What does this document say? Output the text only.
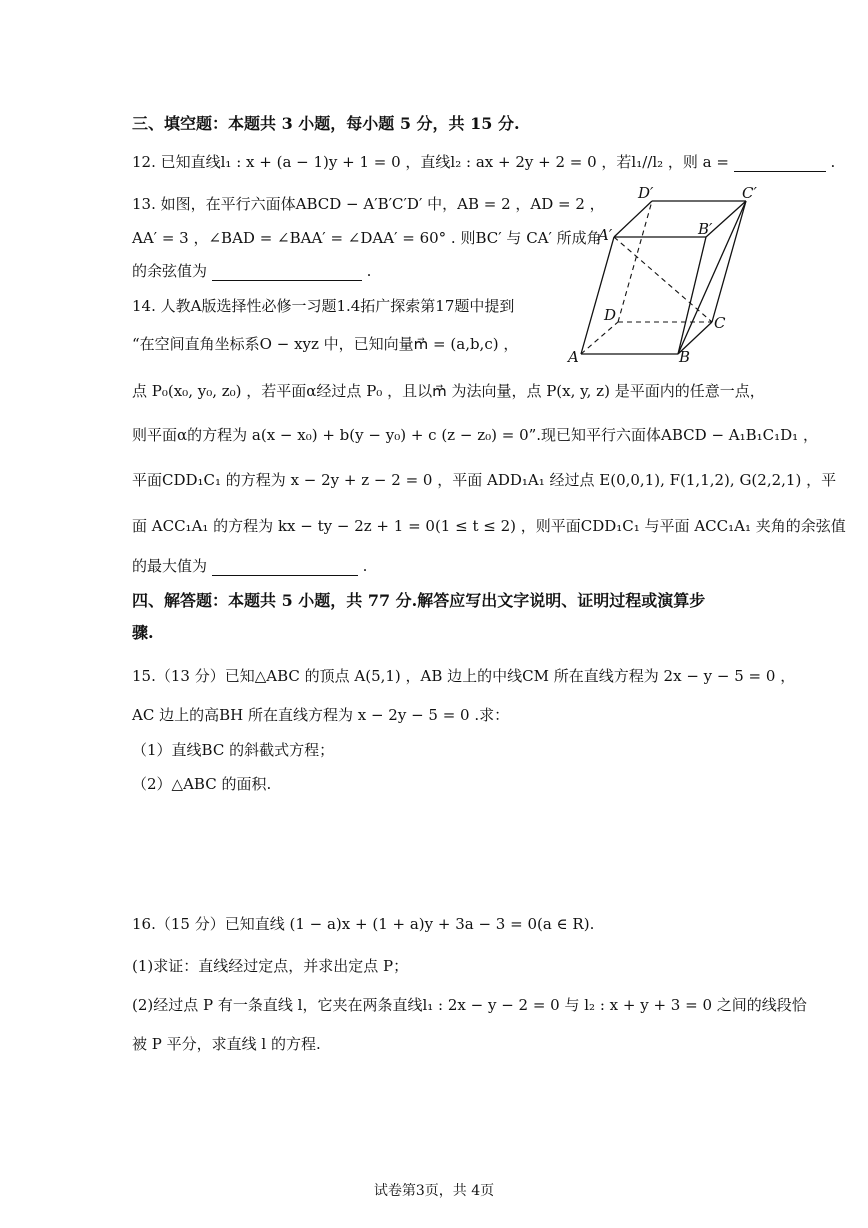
三、填空题：本题共 3 小题，每小题 5 分，共 15 分.
12. 已知直线l₁ : x + (a − 1)y + 1 = 0 ，直线l₂ : ax + 2y + 2 = 0 ，若l₁//l₂ ，则 a =	.
13. 如图，在平行六面体ABCD − A′B′C′D′ 中，AB = 2 ，AD = 2 ，
AA′ = 3 ，∠BAD = ∠BAA′ = ∠DAA′ = 60° . 则BC′ 与 CA′ 所成角
的余弦值为	.
14. 人教A版选择性必修一习题1.4拓广探索第17题中提到
“在空间直角坐标系O − xyz 中，已知向量m⃗ = (a,b,c) ，
点 P₀(x₀, y₀, z₀) ，若平面α经过点 P₀ ，且以m⃗ 为法向量，点 P(x, y, z) 是平面内的任意一点，
则平面α的方程为 a(x − x₀) + b(y − y₀) + c (z − z₀) = 0”.现已知平行六面体ABCD − A₁B₁C₁D₁ ，
平面CDD₁C₁ 的方程为 x − 2y + z − 2 = 0 ，平面 ADD₁A₁ 经过点 E(0,0,1), F(1,1,2), G(2,2,1) ，平
面 ACC₁A₁ 的方程为 kx − ty − 2z + 1 = 0(1 ≤ t ≤ 2) ，则平面CDD₁C₁ 与平面 ACC₁A₁ 夹角的余弦值
的最大值为	.
四、解答题：本题共 5 小题，共 77 分.解答应写出文字说明、证明过程或演算步
骤.
15.（13 分）已知△ABC 的顶点 A(5,1) ，AB 边上的中线CM 所在直线方程为 2x − y − 5 = 0 ，
AC 边上的高BH 所在直线方程为 x − 2y − 5 = 0 .求：
（1）直线BC 的斜截式方程；
（2）△ABC 的面积.
16.（15 分）已知直线 (1 − a)x + (1 + a)y + 3a − 3 = 0(a ∈ R).
(1)求证：直线经过定点，并求出定点 P；
(2)经过点 P 有一条直线 l，它夹在两条直线l₁ : 2x − y − 2 = 0 与 l₂ : x + y + 3 = 0 之间的线段恰
被 P 平分，求直线 l 的方程.
D′	C′
A′	B′
D	C
A	B
试卷第3页，共 4页
